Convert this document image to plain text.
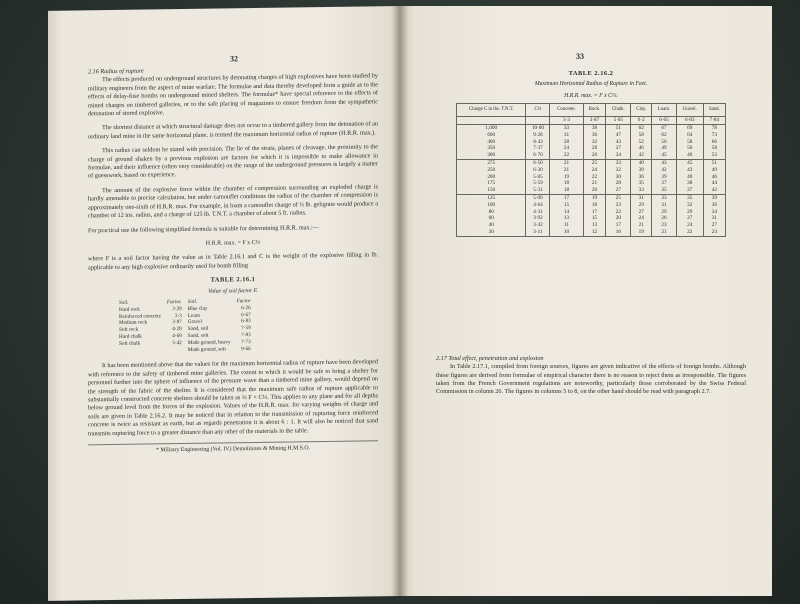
32
2.16 Radius of rupture

The effects produced on underground structures by detonating charges of high explosives have been studied by military engineers from the aspect of mine warfare. The formulae and data thereby developed form a guide as to the effects of delay-fuse bombs on underground mined shelters. The formulae* have special reference to the effects of mined charges on timbered galleries, or to the safe placing of magazines to ensure freedom from the sympathetic detonation of stored explosive.

The shortest distance at which structural damage does not occur to a timbered gallery from the detonation of an ordinary land mine in the same horizontal plane, is termed the maximum horizontal radius of rupture (H.R.R. max.).

This radius can seldom be stated with precision. The lie of the strata, planes of cleavage, the proximity to the charge of ground shaken by a previous explosion are factors for which it is impossible to make allowance in formulae, and their influence (often very considerable) on the range of the underground pressures is largely a matter of guesswork, based on experience.

The amount of the explosive force within the chamber of compression surrounding an exploded charge is hardly amenable to precise calculation, but under camouflet conditions the radius of the chamber of compression is approximately one-sixth of H.R.R. max. For example, in loam a camouflet charge of ½ lb. gelignite would produce a chamber of 12 ins. radius, and a charge of 125 lb. T.N.T. a chamber of about 5 ft. radius.

For practical use the following simplified formula is suitable for determining H.R.R. max.:—

H.R.R. max. = F x C⅓

where F is a soil factor having the value as in Table 2.16.1 and C is the weight of the explosive filling in lb. applicable to any high explosive ordinarily used for bomb filling

TABLE 2.16.1
Value of soil factor F.
Soil.	Factor.	Soil.	Factor
Hard rock	3·29	Blue clay	6·26
Reinforced concrete	3·3	Loam	6·67
Medium rock	3·87	Gravel	6·83
Soft rock	4·29	Sand, soil	7·59
Hard chalk	4·69	Sand, soft	7·83
Soft chalk	5·42	Made ground, heavy	7·73
		Made ground, soft	9·66

It has been mentioned above that the values for the maximum horizontal radius of rupture have been developed with reference to the safety of timbered mine galleries. The extent to which it would be safe to bring a shelter for personnel further into the sphere of influence of the pressure wave than a timbered mine gallery, would depend on the strength of the fabric of the shelter. It is considered that the maximum safe radius of rupture applicable to substantially constructed concrete shelters should be taken as ⅔ F × C⅓. This applies to any plane and for all depths below ground level from the forces of the explosion. Values of the H.R.R. max. for varying weights of charge and soils are given in Table 2.16.2. It may be noticed that in relation to the transmission of rupturing force reinforced concrete is twice as resistant as earth, but as regards penetration it is about 6 : 1. It will also be noticed that sand transmits rupturing force to a greater distance than any other of the materials in the table.

* Military Engineering (Vol. IV) Demolitions & Mining H.M.S.O.
33
TABLE 2.16.2
Maximum Horizontal Radius of Rupture in Feet.
H.R.R. max. = F x C⅓.
Charge C in lbs. T.N.T.	C⅓	Concrete.	Rock.	Chalk.	Clay.	Loam.	Gravel.	Sand.
		3·3	3·87	5·05	6·2	6·65	6·83	7·84
1,000	10·00	33	38	51	62	67	69	78
600	9·28	31	36	47	58	62	64	73
400	8·43	28	32	43	52	56	58	66
350	7·37	24	28	37	46	49	50	58
300	6·70	22	26	34	42	45	46	53
275	6·50	21	25	33	40	43	45	51
250	6·30	21	24	32	39	42	43	49
200	5·85	19	22	30	36	39	40	46
175	5·59	18	21	28	35	37	38	44
150	5·31	18	20	27	33	35	37	42
125	5·00	17	19	25	31	33	35	39
100	4·64	15	18	23	29	31	32	36
80	4·31	14	17	22	27	29	29	34
60	3·92	13	15	20	24	26	27	31
40	3·42	11	13	17	21	23	24	27
30	3·11	10	12	16	19	21	22	24
2.17 Total effect, penetration and explosion

In Table 2.17.1, compiled from foreign sources, figures are given indicative of the effects of foreign bombs. Although these figures are derived from formulae of empirical character there is no reason to reject them as irresponsible. The figures taken from the French Government regulations are noteworthy, particularly those corroborated by the Swiss Federal Commission in column 26. The figures in columns 5 to 8, on the other hand should be read with paragraph 2.7.
